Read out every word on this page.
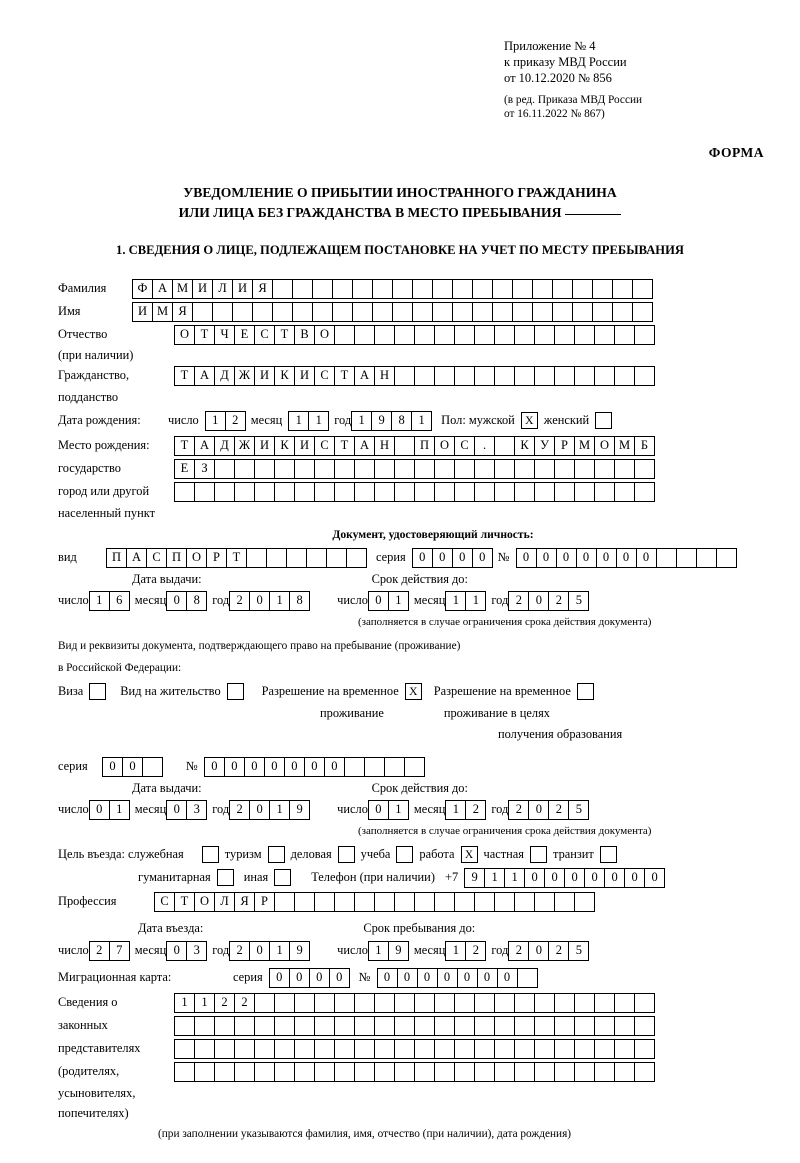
Приложение № 4
к приказу МВД России
от 10.12.2020 № 856
(в ред. Приказа МВД России
от 16.11.2022 № 867)
ФОРМА
УВЕДОМЛЕНИЕ О ПРИБЫТИИ ИНОСТРАННОГО ГРАЖДАНИНА
ИЛИ ЛИЦА БЕЗ ГРАЖДАНСТВА В МЕСТО ПРЕБЫВАНИЯ
1. СВЕДЕНИЯ О ЛИЦЕ, ПОДЛЕЖАЩЕМ ПОСТАНОВКЕ НА УЧЕТ ПО МЕСТУ ПРЕБЫВАНИЯ
Фамилия	Ф А М И Л И Я
Имя	И М Я
Отчество	О Т Ч Е С Т В О
(при наличии)
Гражданство,	Т А Д Ж И К И С Т А Н
подданство
Дата рождения:	число	1	2 месяц	1	1 год 1	9	8	1	Пол: мужской X женский
Место рождения:	Т А Д Ж И К И С Т А Н	П О С	.	К У Р М О М Б
государство	Е	З
город или другой
населенный пункт
Документ, удостоверяющий личность:
вид	П А С П О Р	Т	серия	0	0	0	0 №	0	0	0	0	0	0	0
Дата выдачи:	Срок действия до:
число 1	6 месяц 0	8 год 2	0	1	8	число 0	1 месяц 1	1 год 2	0	2	5
(заполняется в случае ограничения срока действия документа)
Вид и реквизиты документа, подтверждающего право на пребывание (проживание)
в Российской Федерации:
Виза	Вид на жительство	Разрешение на временное X	Разрешение на временное
проживание	проживание в целях
получения образования
серия	0	0	№	0	0	0	0	0	0	0
Дата выдачи:	Срок действия до:
число 0	1 месяц 0	3 год 2	0	1	9	число 0	1 месяц 1	2 год 2	0	2	5
(заполняется в случае ограничения срока действия документа)
Цель въезда: служебная	туризм деловая учеба работа X частная транзит
гуманитарная	иная	Телефон (при наличии) +7	9	1	1	0	0	0	0	0	0	0
Профессия	С Т О Л Я Р
Дата въезда:	Срок пребывания до:
число 2	7 месяц 0	3 год 2	0	1	9	число 1	9 месяц 1	2 год 2	0	2	5
Миграционная карта:	серия	0	0	0	0	№	0	0	0	0	0	0	0
Сведения о	1	1	2	2
законных
представителях
(родителях,
усыновителях,
попечителях)
(при заполнении указываются фамилия, имя, отчество (при наличии), дата рождения)
